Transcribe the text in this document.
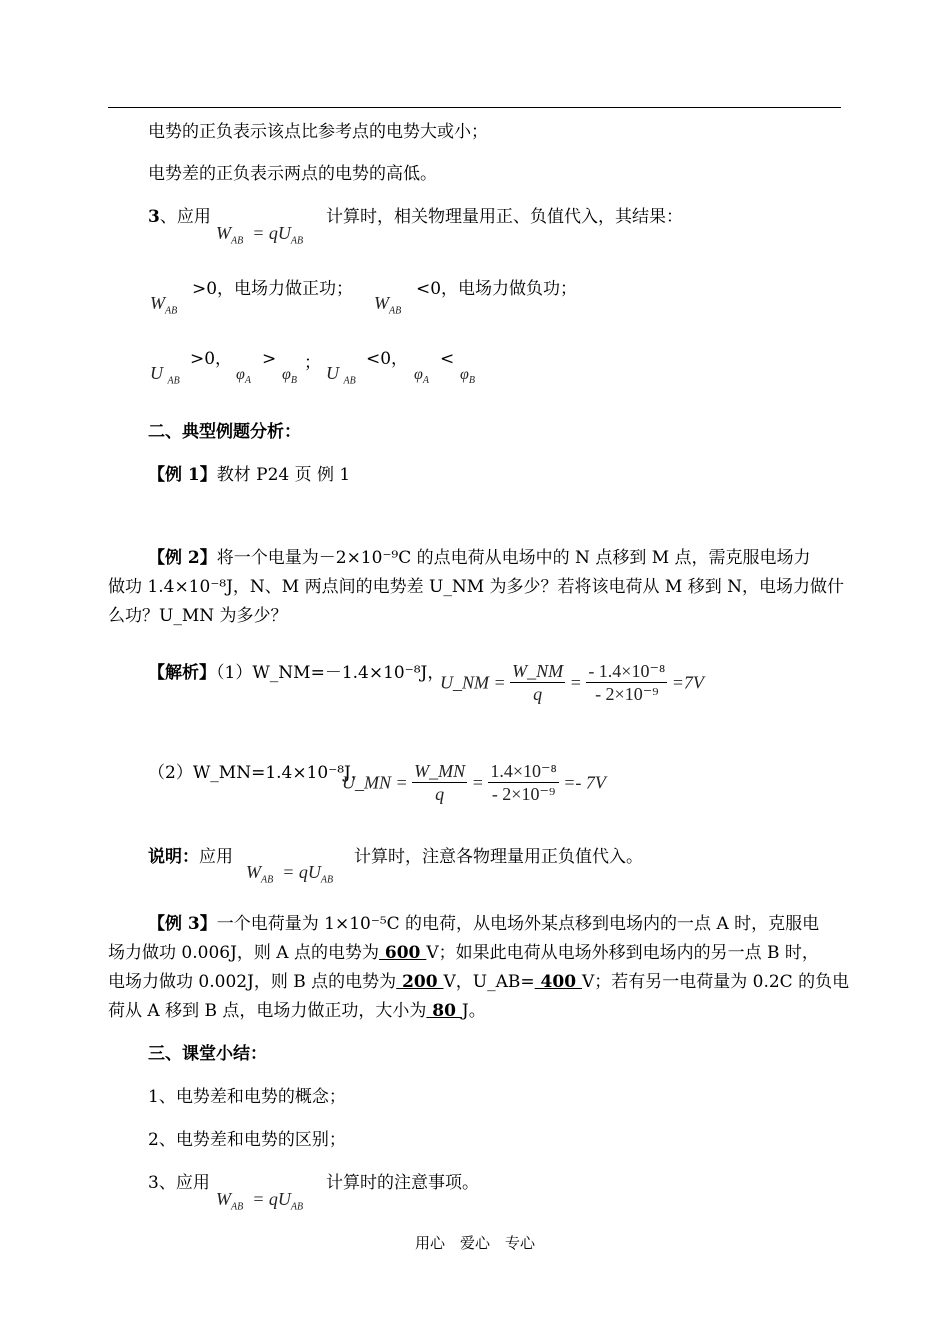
电势的正负表示该点比参考点的电势大或小；
电势差的正负表示两点的电势的高低。
3、应用
$W_{AB} = qU_{AB}$
计算时，相关物理量用正、负值代入，其结果：
$W_{AB}$
>0，电场力做正功；
$W_{AB}$
<0，电场力做负功；
U $_{AB}$
>0，
$\varphi_A$
>
$\varphi_B$
； U $_{AB}$
<0，
$\varphi_A$
<
$\varphi_B$
二、典型例题分析：
【例 1】教材 P24 页 例 1
【例 2】将一个电量为－2×10⁻⁹C 的点电荷从电场中的 N 点移到 M 点，需克服电场力
做功 1.4×10⁻⁸J，N、M 两点间的电势差 U_NM 为多少？若将该电荷从 M 移到 N，电场力做什
么功？U_MN 为多少？
【解析】（1）W_NM=－1.4×10⁻⁸J，
U_NM = $\frac{W\_NM}{q} = \frac{\text{- 1.4×10⁻⁸}}{\text{- 2×10⁻⁹}} =7V$
（2）W_MN=1.4×10⁻⁸J，
U_MN = $\frac{W\_MN}{q} = \frac{\text{1.4×10⁻⁸}}{\text{- 2×10⁻⁹}} =- 7V$
说明：应用
$W_{AB} = qU_{AB}$
计算时，注意各物理量用正负值代入。
【例 3】一个电荷量为 1×10⁻⁵C 的电荷，从电场外某点移到电场内的一点 A 时，克服电
场力做功 0.006J，则 A 点的电势为 600 V；如果此电荷从电场外移到电场内的另一点 B 时，
电场力做功 0.002J，则 B 点的电势为 200 V，U_AB= 400 V；若有另一电荷量为 0.2C 的负电
荷从 A 移到 B 点，电场力做正功，大小为 80 J。
三、课堂小结：
1、电势差和电势的概念；
2、电势差和电势的区别；
3、应用
$W_{AB} = qU_{AB}$
计算时的注意事项。
用心　爱心　专心
